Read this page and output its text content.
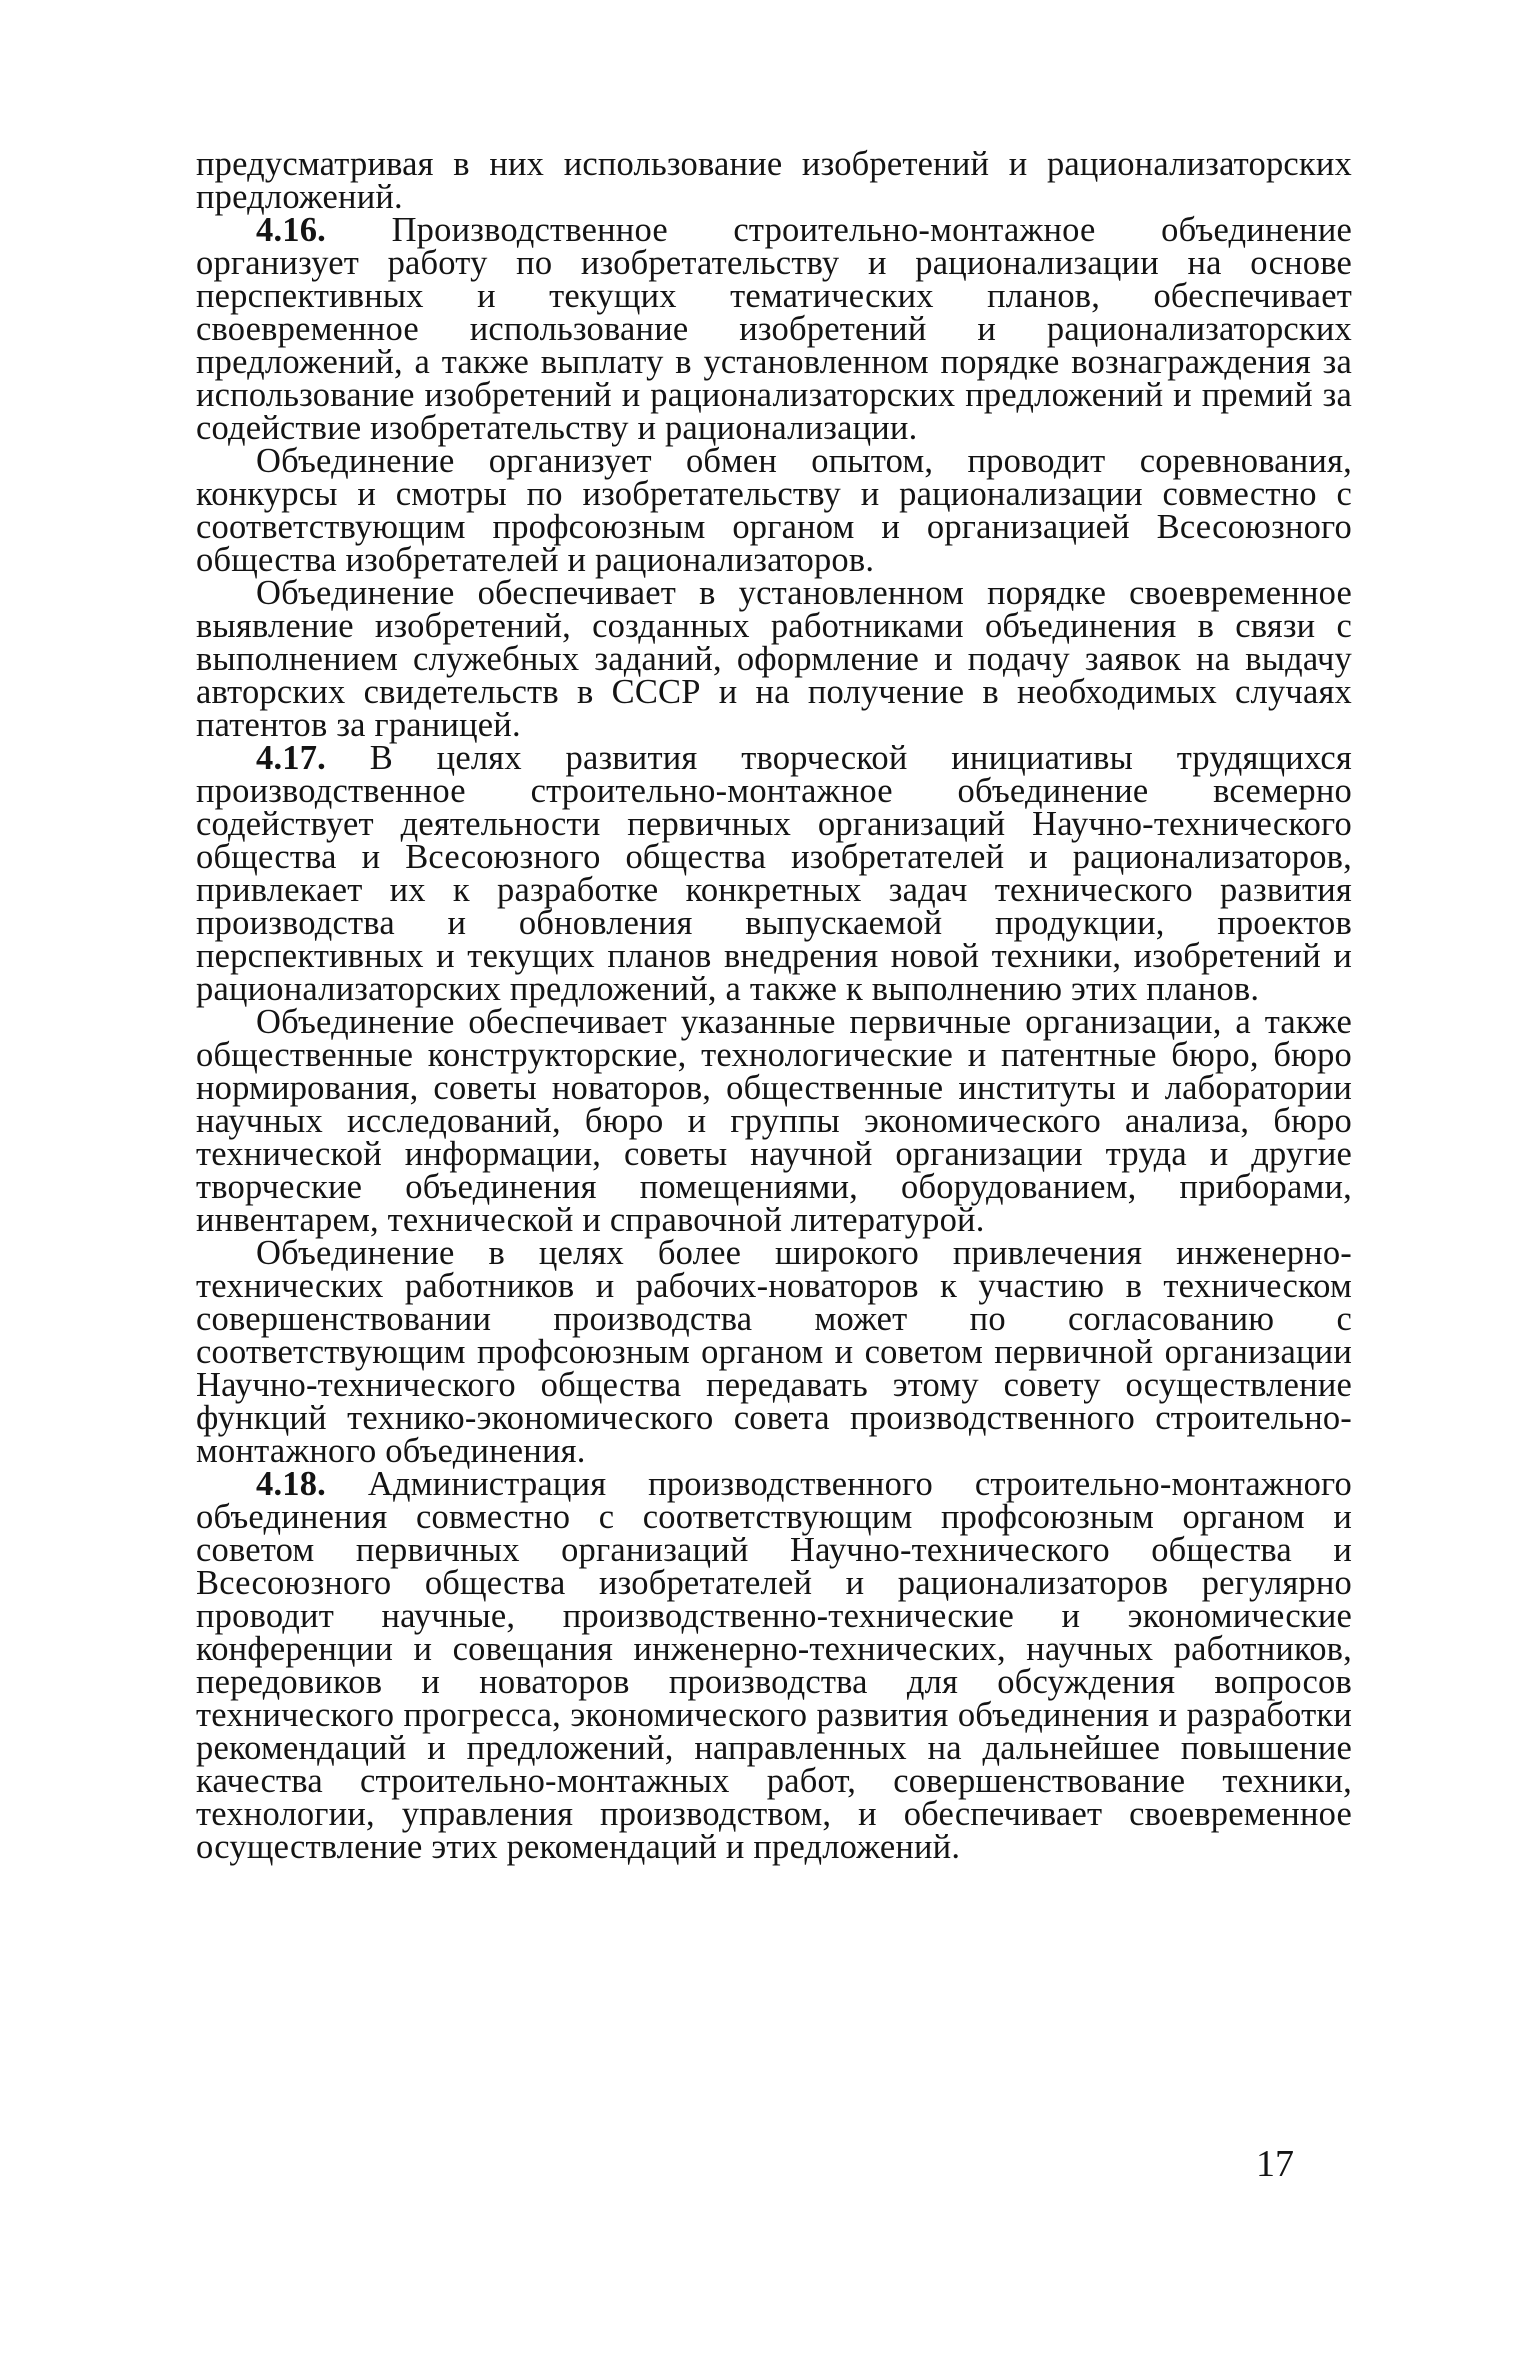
предусматривая в них использование изобретений и рационализаторских предложений.

4.16. Производственное строительно-монтажное объединение организует работу по изобретательству и рационализации на основе перспективных и текущих тематических планов, обеспечивает своевременное использование изобретений и рационализаторских предложений, а также выплату в установленном порядке вознаграждения за использование изобретений и рационализаторских предложений и премий за содействие изобретательству и рационализации.

Объединение организует обмен опытом, проводит соревнования, конкурсы и смотры по изобретательству и рационализации совместно с соответствующим профсоюзным органом и организацией Всесоюзного общества изобретателей и рационализаторов.

Объединение обеспечивает в установленном порядке своевременное выявление изобретений, созданных работниками объединения в связи с выполнением служебных заданий, оформление и подачу заявок на выдачу авторских свидетельств в СССР и на получение в необходимых случаях патентов за границей.

4.17. В целях развития творческой инициативы трудящихся производственное строительно-монтажное объединение всемерно содействует деятельности первичных организаций Научно-технического общества и Всесоюзного общества изобретателей и рационализаторов, привлекает их к разработке конкретных задач технического развития производства и обновления выпускаемой продукции, проектов перспективных и текущих планов внедрения новой техники, изобретений и рационализаторских предложений, а также к выполнению этих планов.

Объединение обеспечивает указанные первичные организации, а также общественные конструкторские, технологические и патентные бюро, бюро нормирования, советы новаторов, общественные институты и лаборатории научных исследований, бюро и группы экономического анализа, бюро технической информации, советы научной организации труда и другие творческие объединения помещениями, оборудованием, приборами, инвентарем, технической и справочной литературой.

Объединение в целях более широкого привлечения инженерно-технических работников и рабочих-новаторов к участию в техническом совершенствовании производства может по согласованию с соответствующим профсоюзным органом и советом первичной организации Научно-технического общества передавать этому совету осуществление функций технико-экономического совета производственного строительно-монтажного объединения.

4.18. Администрация производственного строительно-монтажного объединения совместно с соответствующим профсоюзным органом и советом первичных организаций Научно-технического общества и Всесоюзного общества изобретателей и рационализаторов регулярно проводит научные, производственно-технические и экономические конференции и совещания инженерно-технических, научных работников, передовиков и новаторов производства для обсуждения вопросов технического прогресса, экономического развития объединения и разработки рекомендаций и предложений, направленных на дальнейшее повышение качества строительно-монтажных работ, совершенствование техники, технологии, управления производством, и обеспечивает своевременное осуществление этих рекомендаций и предложений.

17
